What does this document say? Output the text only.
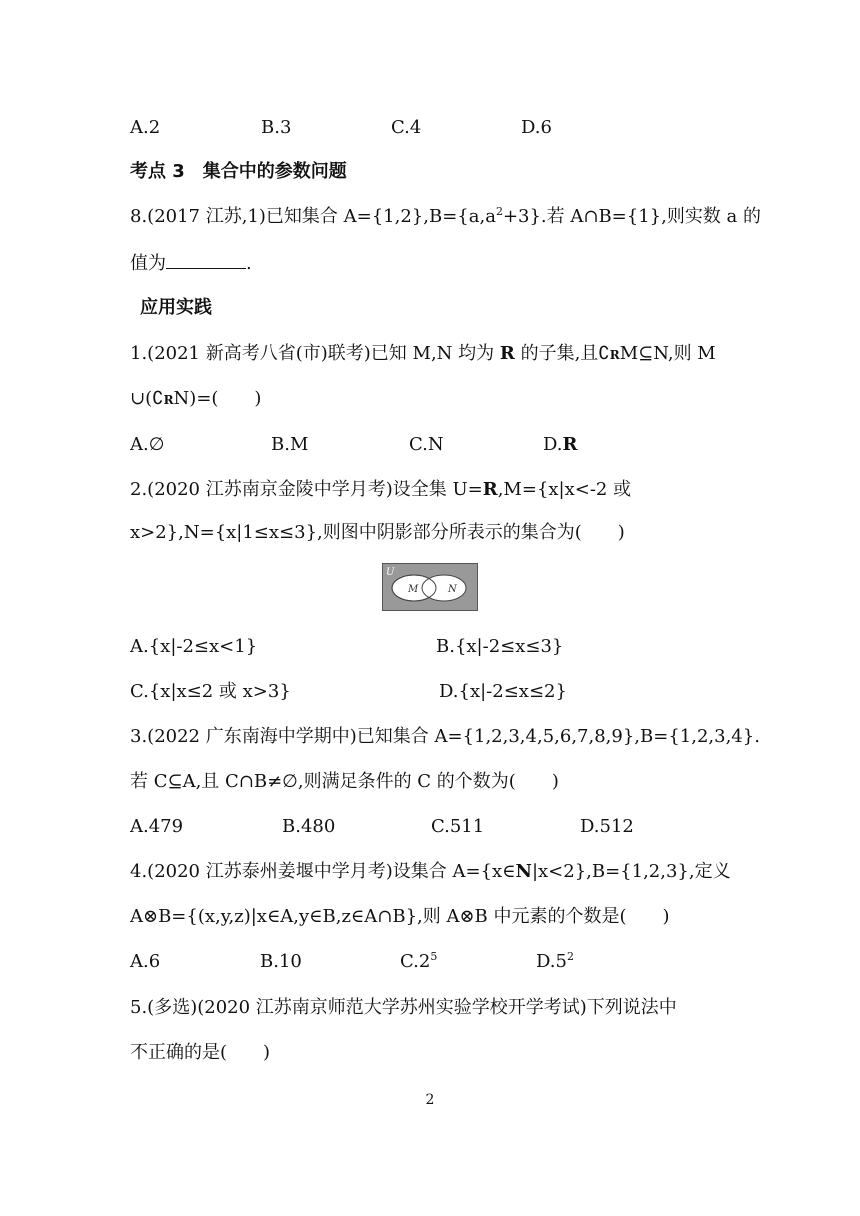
A.2	B.3	C.4	D.6
考点 3　集合中的参数问题
8.(2017 江苏,1)已知集合 $A=\{1,2\},B=\{a,a^2+3\}$.若 A∩B={1},则实数 a 的
值为	.
应用实践
1.(2021 新高考八省(市)联考)已知 M,N 均为 R 的子集,且∁RM⊆N,则 M
∪(∁RN)=(　　)
A.∅	B.M	C.N	D.R
2.(2020 江苏南京金陵中学月考)设全集 U=R,M={x|x<-2 或
x>2},N={x|1≤x≤3},则图中阴影部分所表示的集合为(　　)
U
M	N
A.{x|-2≤x<1}	B.{x|-2≤x≤3}
C.{x|x≤2 或 x>3}	D.{x|-2≤x≤2}
3.(2022 广东南海中学期中)已知集合 A={1,2,3,4,5,6,7,8,9},B={1,2,3,4}.
若 C⊆A,且 C∩B≠∅,则满足条件的 C 的个数为(　　)
A.479	B.480	C.511	D.512
4.(2020 江苏泰州姜堰中学月考)设集合 A={x∈N|x<2},B={1,2,3},定义
A⊗B={(x,y,z)|x∈A,y∈B,z∈A∩B},则 A⊗B 中元素的个数是(　　)
A.6	B.10	$C.2^5$	$D.5^2$
5.(多选)(2020 江苏南京师范大学苏州实验学校开学考试)下列说法中
不正确的是(　　)
2
